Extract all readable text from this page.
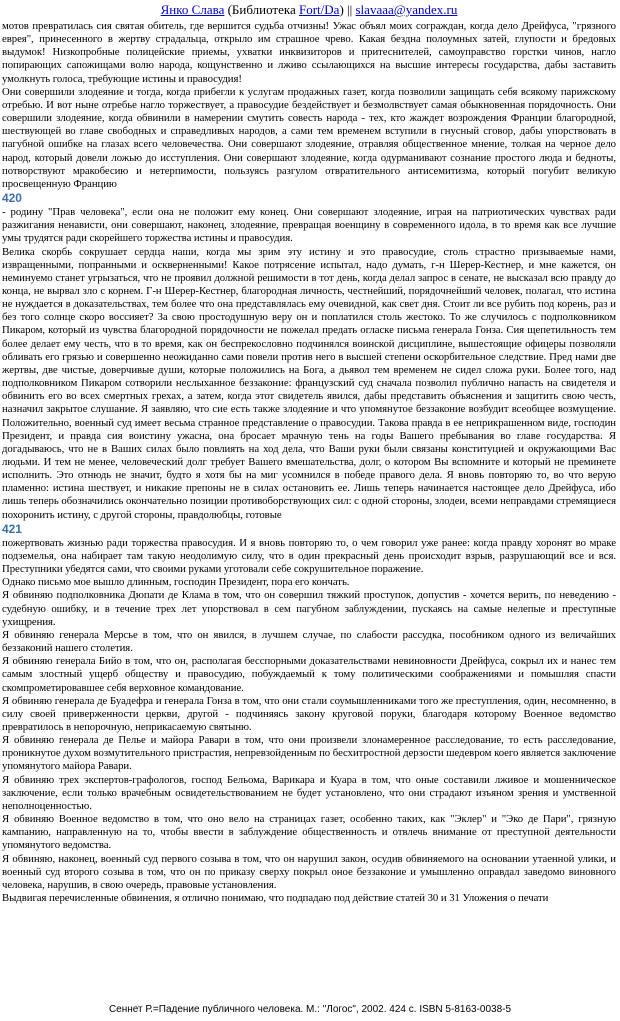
Янко Слава (Библиотека Fort/Da) || slavaaa@yandex.ru

мотов превратилась сия святая обитель, где вершится судьба отчизны! Ужас объял моих сограждан, когда дело Дрейфуса, "грязного еврея", принесенного в жертву страдальца, открыло им страшное чрево. Какая бездна полоумных затей, глупости и бредовых выдумок! Низкопробные полицейские приемы, ухватки инквизиторов и притеснителей, самоуправство горстки чинов, нагло попирающих сапожищами волю народа, кощунственно и лживо ссылающихся на высшие интересы государства, дабы заставить умолкнуть голоса, требующие истины и правосудия!

Они совершили злодеяние и тогда, когда прибегли к услугам продажных газет, когда позволили защищать себя всякому парижскому отребью. И вот ныне отребье нагло торжествует, а правосудие бездействует и безмолвствует самая обыкновенная порядочность. Они совершили злодеяние, когда обвинили в намерении смутить совесть народа - тех, кто жаждет возрождения Франции благородной, шествующей во главе свободных и справедливых народов, а сами тем временем вступили в гнусный сговор, дабы упорствовать в пагубной ошибке на глазах всего человечества. Они совершают злодеяние, отравляя общественное мнение, толкая на черное дело народ, который довели ложью до исступления. Они совершают злодеяние, когда одурманивают сознание простого люда и бедноты, потворствуют мракобесию и нетерпимости, пользуясь разгулом отвратительного антисемитизма, который погубит великую просвещенную Францию

420

- родину "Прав человека", если она не положит ему конец. Они совершают злодеяние, играя на патриотических чувствах ради разжигания ненависти, они совершают, наконец, злодеяние, превращая военщину в современного идола, в то время как все лучшие умы трудятся ради скорейшего торжества истины и правосудия.

Велика скорбь сокрушает сердца наши, когда мы зрим эту истину и это правосудие, столь страстно призываемые нами, извращенными, попранными и оскверненными! Какое потрясение испытал, надо думать, г-н Шерер-Кестнер, и мне кажется, он неминуемо станет угрызаться, что не проявил должной решимости в тот день, когда делал запрос в сенате, не высказал всю правду до конца, не вырвал зло с корнем. Г-н Шерер-Кестнер, благородная личность, честнейший, порядочнейший человек, полагал, что истина не нуждается в доказательствах, тем более что она представлялась ему очевидной, как свет дня. Стоит ли все рубить под корень, раз и без того солнце скоро воссияет? За свою простодушную веру он и поплатился столь жестоко. То же случилось с подполковником Пикаром, который из чувства благородной порядочности не пожелал предать огласке письма генерала Гонза. Сия щепетильность тем более делает ему честь, что в то время, как он беспрекословно подчинялся воинской дисциплине, вышестоящие офицеры позволяли обливать его грязью и совершенно неожиданно сами повели против него в высшей степени оскорбительное следствие. Пред нами две жертвы, две чистые, доверчивые души, которые положились на Бога, а дьявол тем временем не сидел сложа руки. Более того, над подполковником Пикаром сотворили неслыханное беззаконие: французский суд сначала позволил публично напасть на свидетеля и обвинить его во всех смертных грехах, а затем, когда этот свидетель явился, дабы представить объяснения и защитить свою честь, назначил закрытое слушание. Я заявляю, что сие есть также злодеяние и что упомянутое беззаконие возбудит всеобщее возмущение. Положительно, военный суд имеет весьма странное представление о правосудии. Такова правда в ее неприкрашенном виде, господин Президент, и правда сия воистину ужасна, она бросает мрачную тень на годы Вашего пребывания во главе государства. Я догадываюсь, что не в Ваших силах было повлиять на ход дела, что Ваши руки были связаны конституцией и окружающими Вас людьми. И тем не менее, человеческий долг требует Вашего вмешательства, долг, о котором Вы вспомните и который не преминете исполнить. Это отнюдь не значит, будто я хотя бы на миг усомнился в победе правого дела. Я вновь повторяю то, во что верую пламенно: истина шествует, и никакие препоны не в силах остановить ее. Лишь теперь начинается настоящее дело Дрейфуса, ибо лишь теперь обозначились окончательно позиции противоборствующих сил: с одной стороны, злодеи, всеми неправдами стремящиеся похоронить истину, с другой стороны, правдолюбцы, готовые

421

пожертвовать жизнью ради торжества правосудия. И я вновь повторяю то, о чем говорил уже ранее: когда правду хоронят во мраке подземелья, она набирает там такую неодолимую силу, что в один прекрасный день происходит взрыв, разрушающий все и вся. Преступники убедятся сами, что своими руками уготовали себе сокрушительное поражение.

Однако письмо мое вышло длинным, господин Президент, пора его кончать.

Я обвиняю подполковника Дюпати де Клама в том, что он совершил тяжкий проступок, допустив - хочется верить, по неведению - судебную ошибку, и в течение трех лет упорствовал в сем пагубном заблуждении, пускаясь на самые нелепые и преступные ухищрения.

Я обвиняю генерала Мерсье в том, что он явился, в лучшем случае, по слабости рассудка, пособником одного из величайших беззаконий нашего столетия.

Я обвиняю генерала Бийо в том, что он, располагая бесспорными доказательствами невиновности Дрейфуса, сокрыл их и нанес тем самым злостный ущерб обществу и правосудию, побуждаемый к тому политическими соображениями и помышляя спасти скомпрометировавшее себя верховное командование.

Я обвиняю генерала де Буадефра и генерала Гонза в том, что они стали соумышленниками того же преступления, один, несомненно, в силу своей приверженности церкви, другой - подчиняясь закону круговой поруки, благодаря которому Военное ведомство превратилось в непорочную, неприкасаемую святыню.

Я обвиняю генерала де Пелье и майора Равари в том, что они произвели злонамеренное расследование, то есть расследование, проникнутое духом возмутительного пристрастия, непревзойденным по бесхитростной дерзости шедевром коего является заключение упомянутого майора Равари.

Я обвиняю трех экспертов-графологов, господ Бельома, Варикара и Куара в том, что оные составили лживое и мошенническое заключение, если только врачебным освидетельствованием не будет установлено, что они страдают изъяном зрения и умственной неполноценностью.

Я обвиняю Военное ведомство в том, что оно вело на страницах газет, особенно таких, как "Эклер" и "Эко де Пари", грязную кампанию, направленную на то, чтобы ввести в заблуждение общественность и отвлечь внимание от преступной деятельности упомянутого ведомства.

Я обвиняю, наконец, военный суд первого созыва в том, что он нарушил закон, осудив обвиняемого на основании утаенной улики, и военный суд второго созыва в том, что он по приказу сверху покрыл оное беззаконие и умышленно оправдал заведомо виновного человека, нарушив, в свою очередь, правовые установления.

Выдвигая перечисленные обвинения, я отлично понимаю, что подпадаю под действие статей 30 и 31 Уложения о печати

Сеннет Р.=Падение публичного человека. М.: "Логос", 2002. 424 с. ISBN 5-8163-0038-5
